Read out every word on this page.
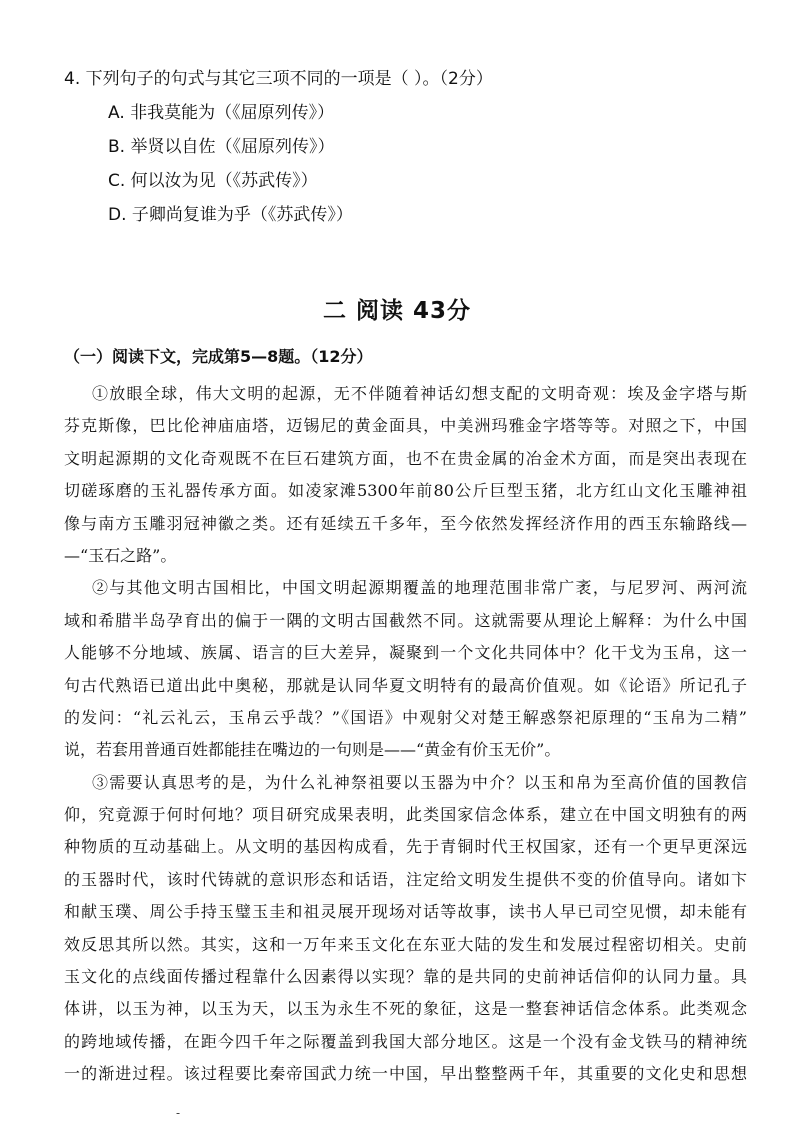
4. 下列句子的句式与其它三项不同的一项是（ ）。（2分）
A. 非我莫能为（《屈原列传》）
B. 举贤以自佐（《屈原列传》）
C. 何以汝为见（《苏武传》）
D. 子卿尚复谁为乎（《苏武传》）
二 阅读 43分
（一）阅读下文，完成第5—8题。（12分）
①放眼全球，伟大文明的起源，无不伴随着神话幻想支配的文明奇观：埃及金字塔与斯
芬克斯像，巴比伦神庙庙塔，迈锡尼的黄金面具，中美洲玛雅金字塔等等。对照之下，中国
文明起源期的文化奇观既不在巨石建筑方面，也不在贵金属的冶金术方面，而是突出表现在
切磋琢磨的玉礼器传承方面。如凌家滩5300年前80公斤巨型玉猪，北方红山文化玉雕神祖
像与南方玉雕羽冠神徽之类。还有延续五千多年，至今依然发挥经济作用的西玉东输路线—
—“玉石之路”。
②与其他文明古国相比，中国文明起源期覆盖的地理范围非常广袤，与尼罗河、两河流
域和希腊半岛孕育出的偏于一隅的文明古国截然不同。这就需要从理论上解释：为什么中国
人能够不分地域、族属、语言的巨大差异，凝聚到一个文化共同体中？化干戈为玉帛，这一
句古代熟语已道出此中奥秘，那就是认同华夏文明特有的最高价值观。如《论语》所记孔子
的发问：“礼云礼云，玉帛云乎哉？”《国语》中观射父对楚王解惑祭祀原理的“玉帛为二精”
说，若套用普通百姓都能挂在嘴边的一句则是——“黄金有价玉无价”。
③需要认真思考的是，为什么礼神祭祖要以玉器为中介？以玉和帛为至高价值的国教信
仰，究竟源于何时何地？项目研究成果表明，此类国家信念体系，建立在中国文明独有的两
种物质的互动基础上。从文明的基因构成看，先于青铜时代王权国家，还有一个更早更深远
的玉器时代，该时代铸就的意识形态和话语，注定给文明发生提供不变的价值导向。诸如卞
和献玉璞、周公手持玉璧玉圭和祖灵展开现场对话等故事，读书人早已司空见惯，却未能有
效反思其所以然。其实，这和一万年来玉文化在东亚大陆的发生和发展过程密切相关。史前
玉文化的点线面传播过程靠什么因素得以实现？靠的是共同的史前神话信仰的认同力量。具
体讲，以玉为神，以玉为天，以玉为永生不死的象征，这是一整套神话信念体系。此类观念
的跨地域传播，在距今四千年之际覆盖到我国大部分地区。这是一个没有金戈铁马的精神统
一的渐进过程。该过程要比秦帝国武力统一中国，早出整整两千年，其重要的文化史和思想
-
